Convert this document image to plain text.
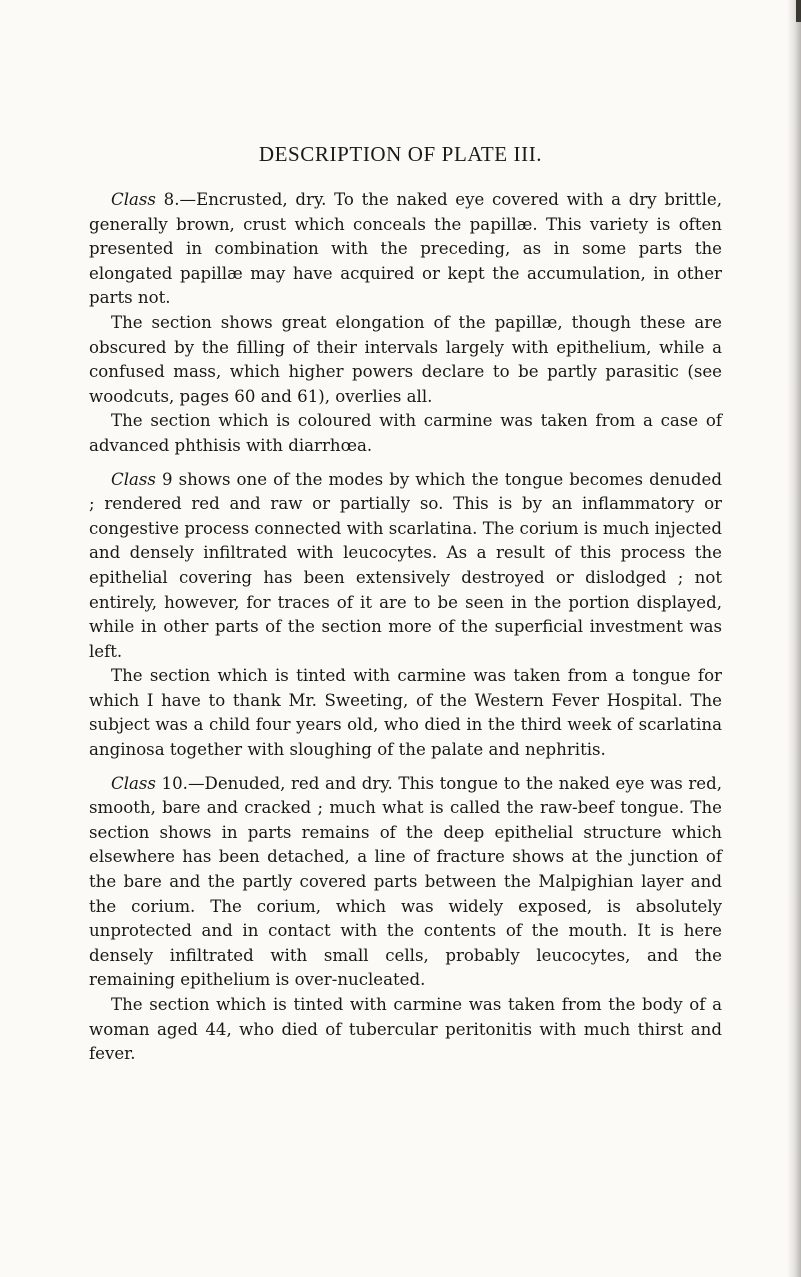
DESCRIPTION OF PLATE III.

Class 8.—Encrusted, dry. To the naked eye covered with a dry brittle, generally brown, crust which conceals the papillæ. This variety is often presented in combination with the preceding, as in some parts the elongated papillæ may have acquired or kept the accumulation, in other parts not.

The section shows great elongation of the papillæ, though these are obscured by the filling of their intervals largely with epithelium, while a confused mass, which higher powers declare to be partly parasitic (see woodcuts, pages 60 and 61), overlies all.

The section which is coloured with carmine was taken from a case of advanced phthisis with diarrhœa.

Class 9 shows one of the modes by which the tongue becomes denuded ; rendered red and raw or partially so. This is by an inflammatory or congestive process connected with scarlatina. The corium is much injected and densely infiltrated with leucocytes. As a result of this process the epithelial covering has been extensively destroyed or dislodged ; not entirely, however, for traces of it are to be seen in the portion displayed, while in other parts of the section more of the superficial investment was left.

The section which is tinted with carmine was taken from a tongue for which I have to thank Mr. Sweeting, of the Western Fever Hospital. The subject was a child four years old, who died in the third week of scarlatina anginosa together with sloughing of the palate and nephritis.

Class 10.—Denuded, red and dry. This tongue to the naked eye was red, smooth, bare and cracked ; much what is called the raw-beef tongue. The section shows in parts remains of the deep epithelial structure which elsewhere has been detached, a line of fracture shows at the junction of the bare and the partly covered parts between the Malpighian layer and the corium. The corium, which was widely exposed, is absolutely unprotected and in contact with the contents of the mouth. It is here densely infiltrated with small cells, probably leucocytes, and the remaining epithelium is over-nucleated.

The section which is tinted with carmine was taken from the body of a woman aged 44, who died of tubercular peritonitis with much thirst and fever.
